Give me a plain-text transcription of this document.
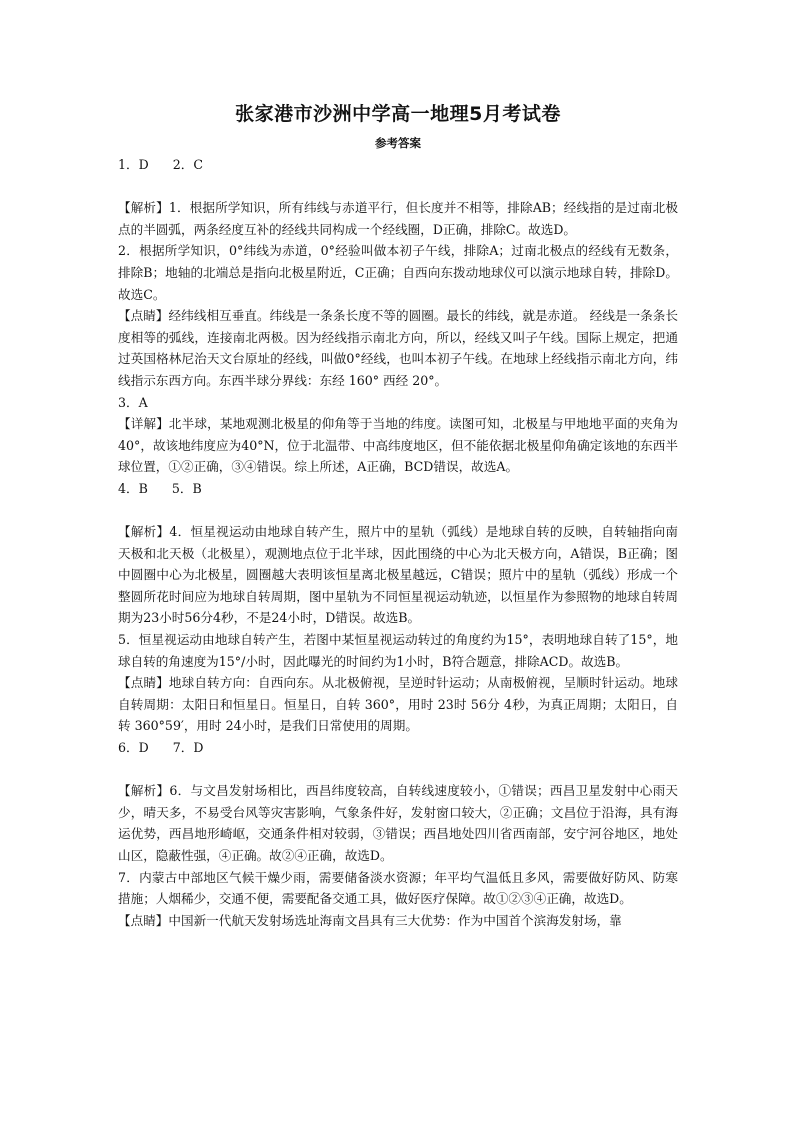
张家港市沙洲中学高一地理5月考试卷
参考答案
1．D      2．C

【解析】1．根据所学知识，所有纬线与赤道平行，但长度并不相等，排除AB；经线指的是过南北极点的半圆弧，两条经度互补的经线共同构成一个经线圈，D正确，排除C。故选D。

2．根据所学知识，0°纬线为赤道，0°经验叫做本初子午线，排除A；过南北极点的经线有无数条，排除B；地轴的北端总是指向北极星附近，C正确；自西向东拨动地球仪可以演示地球自转，排除D。故选C。

【点睛】经纬线相互垂直。纬线是一条条长度不等的圆圈。最长的纬线，就是赤道。 经线是一条条长度相等的弧线，连接南北两极。因为经线指示南北方向，所以，经线又叫子午线。国际上规定，把通过英国格林尼治天文台原址的经线，叫做0°经线，也叫本初子午线。在地球上经线指示南北方向，纬线指示东西方向。东西半球分界线：东经 160° 西经 20°。

3．A

【详解】北半球，某地观测北极星的仰角等于当地的纬度。读图可知，北极星与甲地地平面的夹角为40°，故该地纬度应为40°N，位于北温带、中高纬度地区，但不能依据北极星仰角确定该地的东西半球位置，①②正确，③④错误。综上所述，A正确，BCD错误，故选A。

4．B      5．B

【解析】4．恒星视运动由地球自转产生，照片中的星轨（弧线）是地球自转的反映，自转轴指向南天极和北天极（北极星），观测地点位于北半球，因此围绕的中心为北天极方向，A错误，B正确；图中圆圈中心为北极星，圆圈越大表明该恒星离北极星越远，C错误；照片中的星轨（弧线）形成一个整圆所花时间应为地球自转周期，图中星轨为不同恒星视运动轨迹，以恒星作为参照物的地球自转周期为23小时56分4秒，不是24小时，D错误。故选B。

5．恒星视运动由地球自转产生，若图中某恒星视运动转过的角度约为15°，表明地球自转了15°，地球自转的角速度为15°/小时，因此曝光的时间约为1小时，B符合题意，排除ACD。故选B。

【点睛】地球自转方向：自西向东。从北极俯视，呈逆时针运动；从南极俯视，呈顺时针运动。地球自转周期：太阳日和恒星日。恒星日，自转 360°，用时 23时 56分 4秒，为真正周期；太阳日，自转 360°59′，用时 24小时，是我们日常使用的周期。

6．D      7．D

【解析】6．与文昌发射场相比，西昌纬度较高，自转线速度较小，①错误；西昌卫星发射中心雨天少，晴天多，不易受台风等灾害影响，气象条件好，发射窗口较大，②正确；文昌位于沿海，具有海运优势，西昌地形崎岖，交通条件相对较弱，③错误；西昌地处四川省西南部，安宁河谷地区，地处山区，隐蔽性强，④正确。故②④正确，故选D。

7．内蒙古中部地区气候干燥少雨，需要储备淡水资源；年平均气温低且多风，需要做好防风、防寒措施；人烟稀少，交通不便，需要配备交通工具，做好医疗保障。故①②③④正确，故选D。

【点睛】中国新一代航天发射场选址海南文昌具有三大优势：作为中国首个滨海发射场，靠
